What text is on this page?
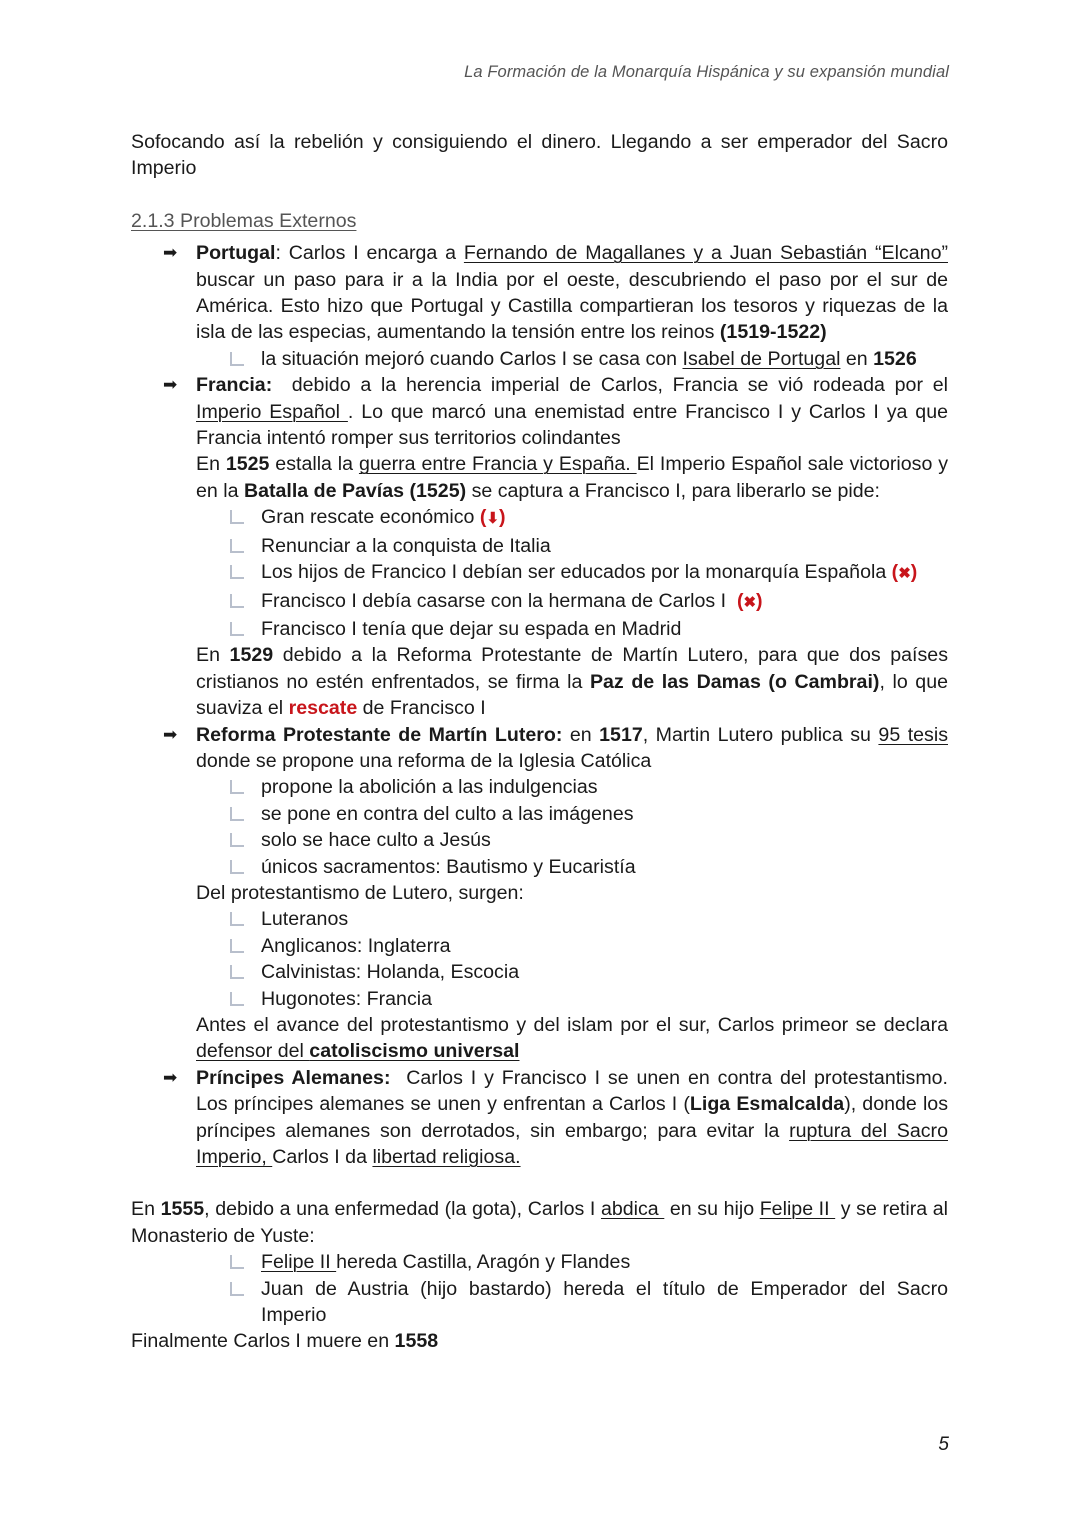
La Formación de la Monarquía Hispánica y su expansión mundial

Sofocando así la rebelión y consiguiendo el dinero. Llegando a ser emperador del Sacro
Imperio

2.1.3 Problemas Externos
➡ Portugal: Carlos I encarga a Fernando de Magallanes y a Juan Sebastián “Elcano” buscar un paso para ir a la India por el oeste, descubriendo el paso por el sur de América. Esto hizo que Portugal y Castilla compartieran los tesoros y riquezas de la isla de las especias, aumentando la tensión entre los reinos (1519-1522)
la situación mejoró cuando Carlos I se casa con Isabel de Portugal en 1526
➡ Francia:  debido a la herencia imperial de Carlos, Francia se vió rodeada por el Imperio Español . Lo que marcó una enemistad entre Francisco I y Carlos I ya que Francia intentó romper sus territorios colindantes
En 1525 estalla la guerra entre Francia y España. El Imperio Español sale victorioso y en la Batalla de Pavías (1525) se captura a Francisco I, para liberarlo se pide:
Gran rescate económico (⬇)
Renunciar a la conquista de Italia
Los hijos de Francico I debían ser educados por la monarquía Española (✖)
Francisco I debía casarse con la hermana de Carlos I  (✖)
Francisco I tenía que dejar su espada en Madrid
En 1529 debido a la Reforma Protestante de Martín Lutero, para que dos países cristianos no estén enfrentados, se firma la Paz de las Damas (o Cambrai), lo que suaviza el rescate de Francisco I
➡ Reforma Protestante de Martín Lutero: en 1517, Martin Lutero publica su 95 tesis donde se propone una reforma de la Iglesia Católica
propone la abolición a las indulgencias
se pone en contra del culto a las imágenes
solo se hace culto a Jesús
únicos sacramentos: Bautismo y Eucaristía
Del protestantismo de Lutero, surgen:
Luteranos
Anglicanos: Inglaterra
Calvinistas: Holanda, Escocia
Hugonotes: Francia
Antes el avance del protestantismo y del islam por el sur, Carlos primeor se declara defensor del catoliscismo universal
➡ Príncipes Alemanes:  Carlos I y Francisco I se unen en contra del protestantismo. Los príncipes alemanes se unen y enfrentan a Carlos I (Liga Esmalcalda), donde los príncipes alemanes son derrotados, sin embargo; para evitar la ruptura del Sacro Imperio, Carlos I da libertad religiosa.

En 1555, debido a una enfermedad (la gota), Carlos I abdica  en su hijo Felipe II  y se retira al Monasterio de Yuste:

Felipe II hereda Castilla, Aragón y Flandes
Juan de Austria (hijo bastardo) hereda el título de Emperador del Sacro Imperio

Finalmente Carlos I muere en 1558

5
